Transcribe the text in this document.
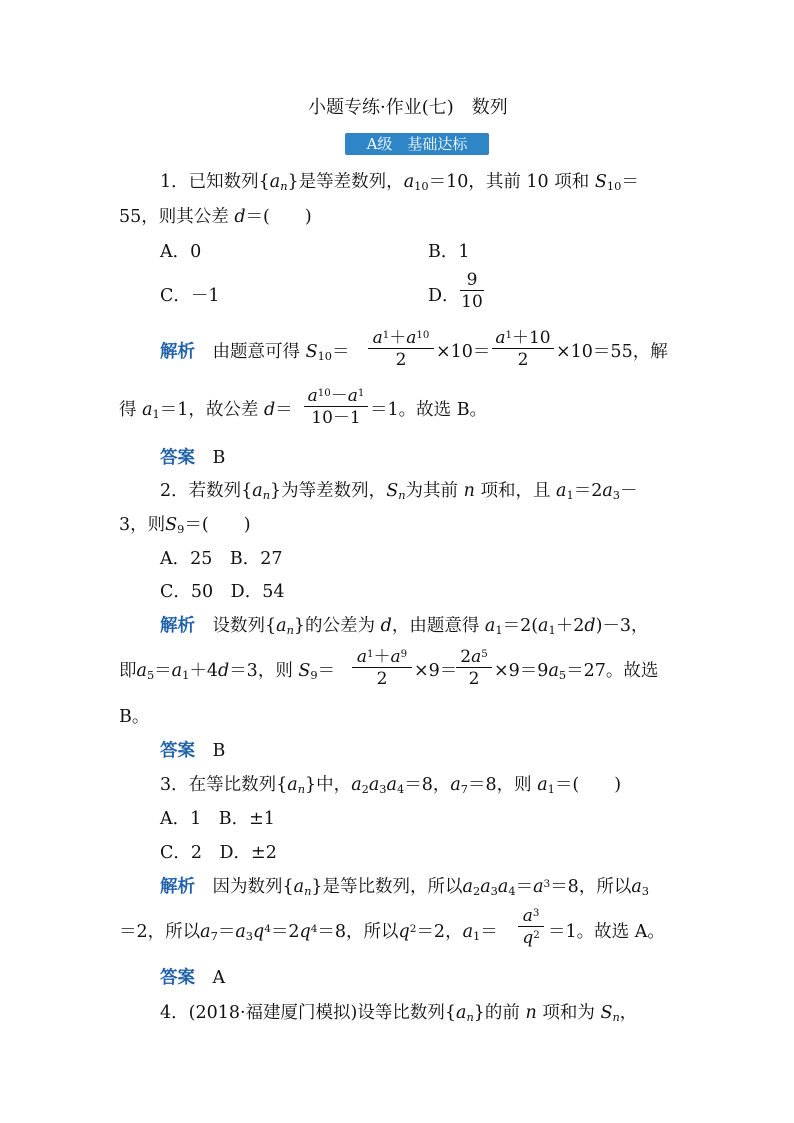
小题专练·作业(七)　数列
A级　基础达标
1．已知数列$\{a_n\}$是等差数列，$a_{10}=10$，其前 10 项和 $S_{10}=$
55，则其公差 d＝(　　)
A．0	B．1
C．－1	D． $\frac{9}{10}$
解析　 由题意可得 $S_{10}= \frac{a^1+a^{10}}{2} \times 10= \frac{a^1+10}{2} \times 10=55$，解
得 $a_1=1$，故公差 $d= \frac{a^{10}-a^1}{10-1} =1$。故选 B。
答案　 B
2．若数列$\{a_n\}$为等差数列，$S_n$为其前 n 项和，且 $a_1=2a_3-$
3，则$S_9=$(　　)
A．25　B．27
C．50　D．54
解析　 设数列$\{a_n\}$的公差为 d，由题意得 $a_1=2(a_1+2d)-3$，
即$a_5=a_1+4d=3$，则 $S_9= \frac{a^1+a^9}{2} \times 9=$
$\frac{2a^5}{2} \times 9=9a_5=27$。故选
B。
答案　 B
3．在等比数列$\{a_n\}$中，$a_2a_3a_4=8$，$a_7=8$，则 $a_1=$(　　)
A．1　B．±1
C．2　D．±2
解析　 因为数列$\{a_n\}$是等比数列，所以$a_2a_3a_4=a^3=8$，所以$a_3$
＝2，所以$a_7=a_3q^4=2q^4=8$，所以$q^2=2$，$a_1= \frac{a^3}{q^2} =1$。故选 A。
答案　 A
4．(2018·福建厦门模拟)设等比数列$\{a_n\}$的前 n 项和为 $S_n$，
